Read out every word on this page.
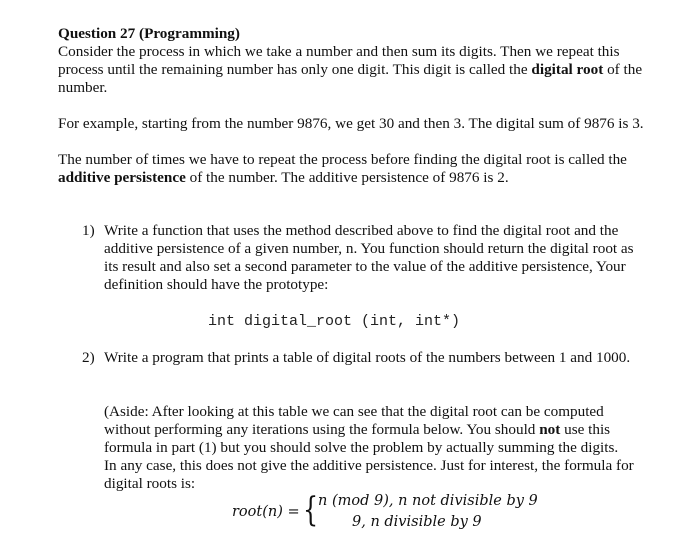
Question 27 (Programming)

Consider the process in which we take a number and then sum its digits. Then we repeat this process until the remaining number has only one digit. This digit is called the digital root of the number.

For example, starting from the number 9876, we get 30 and then 3. The digital sum of 9876 is 3.

The number of times we have to repeat the process before finding the digital root is called the additive persistence of the number. The additive persistence of 9876 is 2.

1) Write a function that uses the method described above to find the digital root and the additive persistence of a given number, n. You function should return the digital root as its result and also set a second parameter to the value of the additive persistence, Your definition should have the prototype:
int digital_root (int, int*)
2) Write a program that prints a table of digital roots of the numbers between 1 and 1000.
(Aside: After looking at this table we can see that the digital root can be computed without performing any iterations using the formula below. You should not use this formula in part (1) but you should solve the problem by actually summing the digits. In any case, this does not give the additive persistence. Just for interest, the formula for digital roots is:
root(n) = { n (mod 9), n not divisible by 9
9, n divisible by 9
